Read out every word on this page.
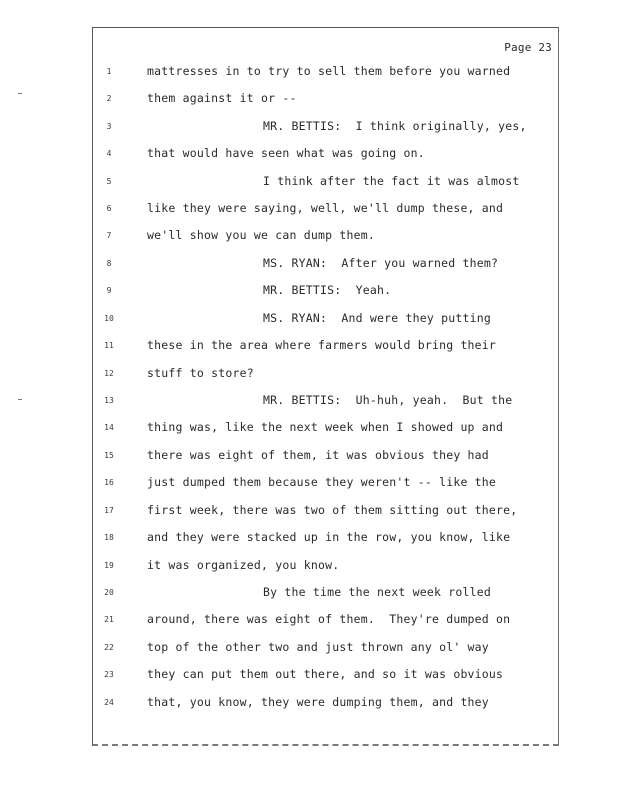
Page 23
1	mattresses in to try to sell them before you warned
2	them against it or --
3	MR. BETTIS:  I think originally, yes,
4	that would have seen what was going on.
5	I think after the fact it was almost
6	like they were saying, well, we'll dump these, and
7	we'll show you we can dump them.
8	MS. RYAN:  After you warned them?
9	MR. BETTIS:  Yeah.
10	MS. RYAN:  And were they putting
11	these in the area where farmers would bring their
12	stuff to store?
13	MR. BETTIS:  Uh-huh, yeah.  But the
14	thing was, like the next week when I showed up and
15	there was eight of them, it was obvious they had
16	just dumped them because they weren't -- like the
17	first week, there was two of them sitting out there,
18	and they were stacked up in the row, you know, like
19	it was organized, you know.
20	By the time the next week rolled
21	around, there was eight of them.  They're dumped on
22	top of the other two and just thrown any ol' way
23	they can put them out there, and so it was obvious
24	that, you know, they were dumping them, and they
